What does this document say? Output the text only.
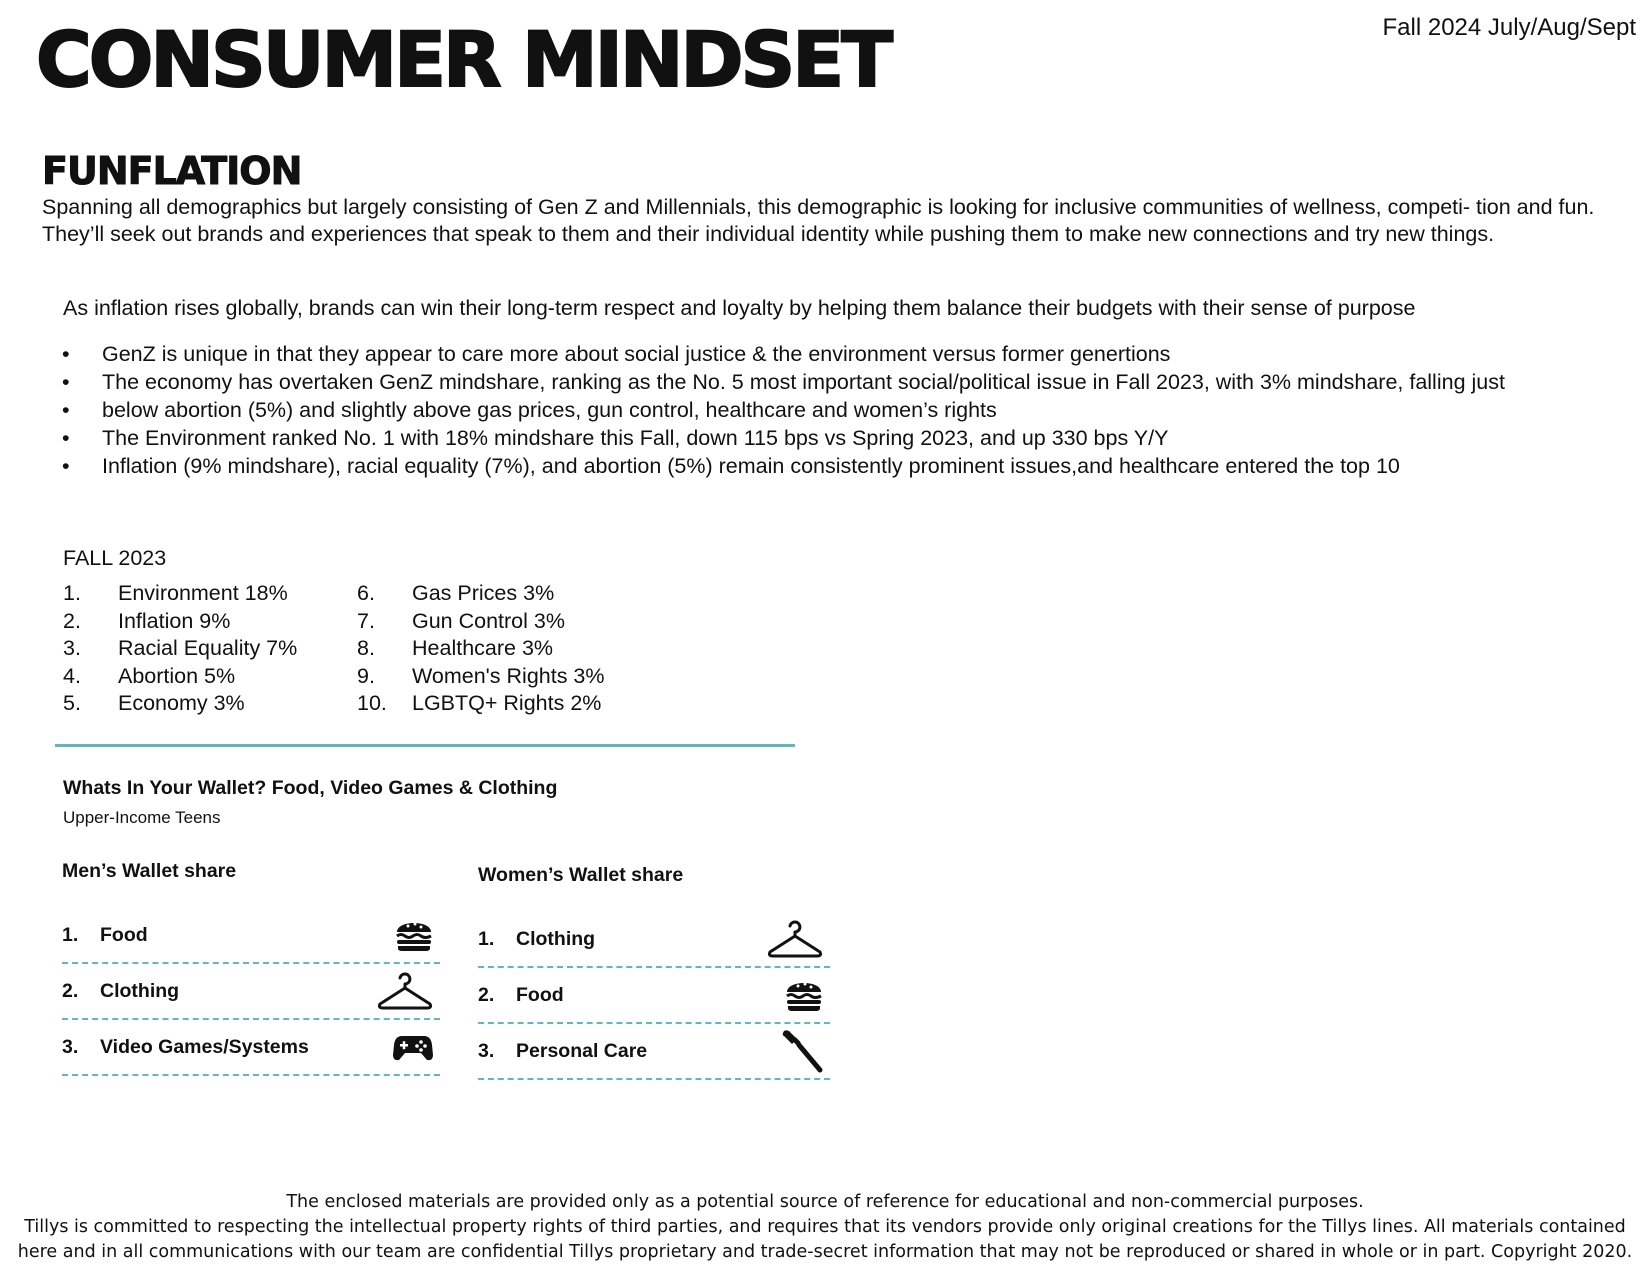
Fall 2024 July/Aug/Sept
CONSUMER MINDSET
FUNFLATION

Spanning all demographics but largely consisting of Gen Z and Millennials, this demographic is looking for inclusive communities of wellness, competi- tion and fun. They’ll seek out brands and experiences that speak to them and their individual identity while pushing them to make new connections and try new things.

As inflation rises globally, brands can win their long-term respect and loyalty by helping them balance their budgets with their sense of purpose

• GenZ is unique in that they appear to care more about social justice & the environment versus former genertions
• The economy has overtaken GenZ mindshare, ranking as the No. 5 most important social/political issue in Fall 2023, with 3% mindshare, falling just
• below abortion (5%) and slightly above gas prices, gun control, healthcare and women’s rights
• The Environment ranked No. 1 with 18% mindshare this Fall, down 115 bps vs Spring 2023, and up 330 bps Y/Y
• Inflation (9% mindshare), racial equality (7%), and abortion (5%) remain consistently prominent issues,and healthcare entered the top 10
FALL 2023
1.	Environment 18%
2.	Inflation 9%
3.	Racial Equality 7%
4.	Abortion 5%
5.	Economy 3%
6.	Gas Prices 3%
7.	Gun Control 3%
8.	Healthcare 3%
9.	Women's Rights 3%
10.	LGBTQ+ Rights 2%
Whats In Your Wallet? Food, Video Games & Clothing
Upper-Income Teens
Men’s Wallet share
1.	Food
2.	Clothing
3.	Video Games/Systems
Women’s Wallet share
1.	Clothing
2.	Food
3.	Personal Care

The enclosed materials are provided only as a potential source of reference for educational and non-commercial purposes.

Tillys is committed to respecting the intellectual property rights of third parties, and requires that its vendors provide only original creations for the Tillys lines. All materials contained

here and in all communications with our team are confidential Tillys proprietary and trade-secret information that may not be reproduced or shared in whole or in part. Copyright 2020.
